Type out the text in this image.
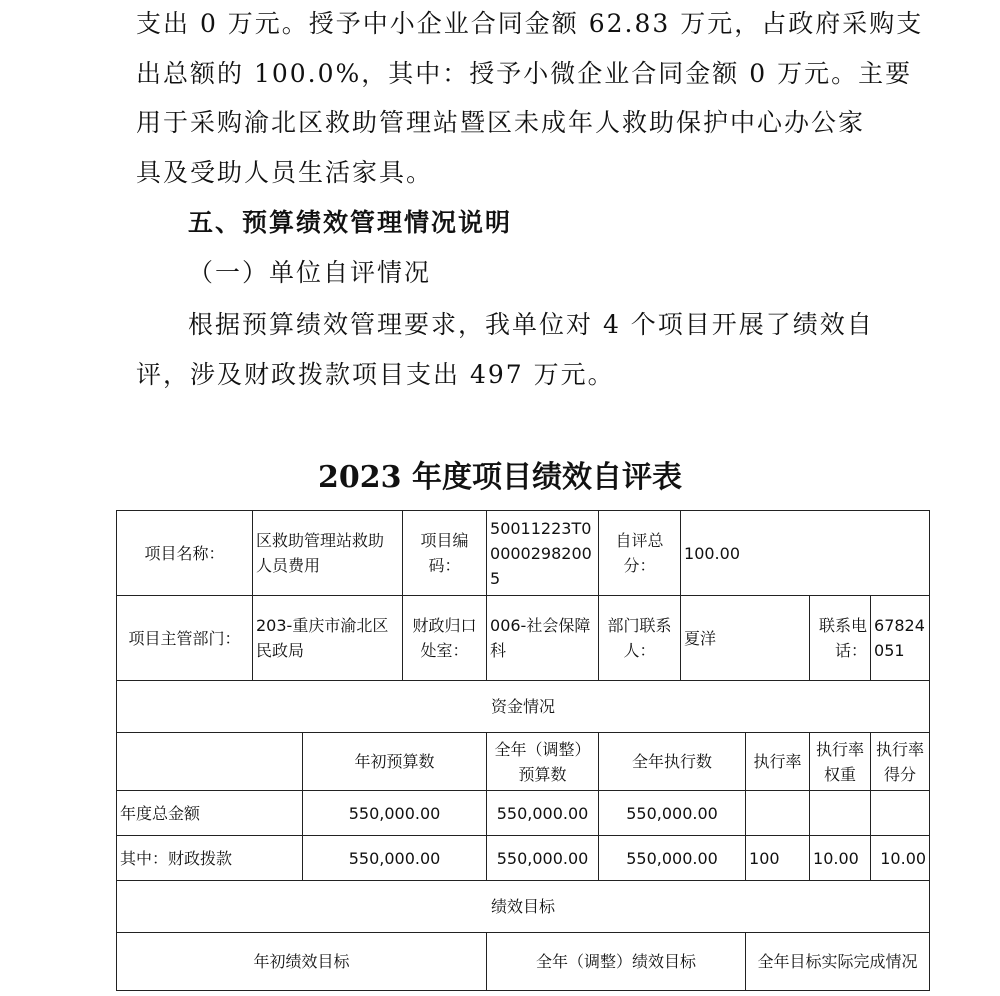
支出 0 万元。授予中小企业合同金额 62.83 万元，占政府采购支

出总额的 100.0%，其中：授予小微企业合同金额 0 万元。主要

用于采购渝北区救助管理站暨区未成年人救助保护中心办公家

具及受助人员生活家具。

五、预算绩效管理情况说明

（一）单位自评情况

根据预算绩效管理要求，我单位对 4 个项目开展了绩效自

评，涉及财政拨款项目支出 497 万元。

2023 年度项目绩效自评表
项目名称：	区救助管理站救助人员费用		项目编码：	50011223T000002982005	自评总分：	100.00			
项目主管部门：	203-重庆市渝北区民政局		财政归口处室：	006-社会保障科	部门联系人：	夏洋		联系电话：	67824051
资金情况									
		年初预算数		全年（调整）预算数	全年执行数		执行率	执行率权重	执行率得分
年度总金额		550,000.00		550,000.00	550,000.00				
其中：财政拨款		550,000.00		550,000.00	550,000.00		100	10.00	10.00
绩效目标									
年初绩效目标				全年（调整）绩效目标			全年目标实际完成情况		
